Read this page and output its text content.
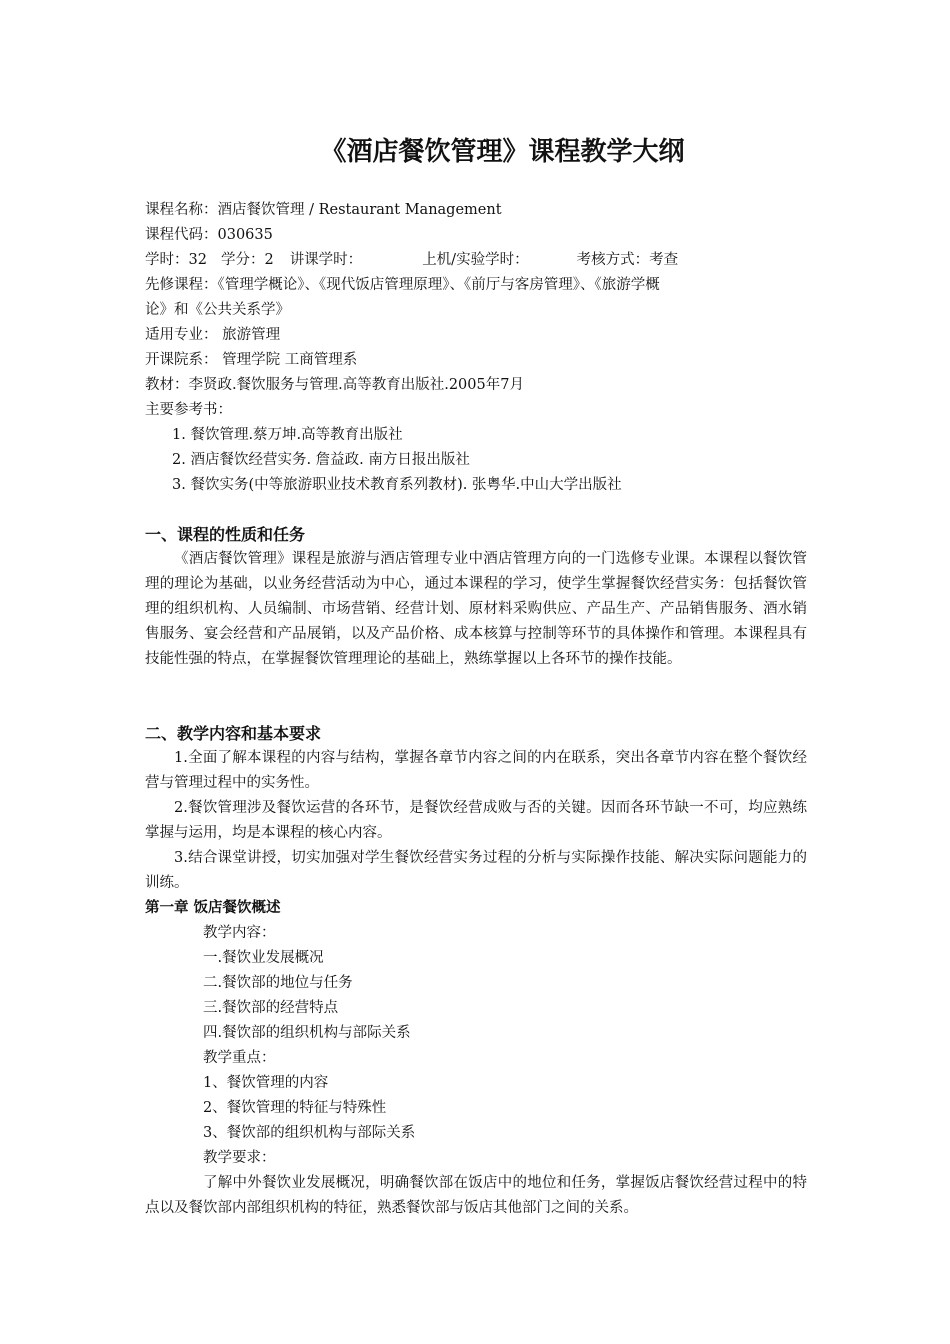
《酒店餐饮管理》课程教学大纲
课程名称：酒店餐饮管理 / Restaurant Management
课程代码：030635
学时：32 学分：2 讲课学时：	上机/实验学时：	考核方式：考查
先修课程：《管理学概论》、《现代饭店管理原理》、《前厅与客房管理》、《旅游学概
论》和《公共关系学》
适用专业： 旅游管理
开课院系： 管理学院 工商管理系
教材：李贤政.餐饮服务与管理.高等教育出版社.2005年7月
主要参考书：
1. 餐饮管理.蔡万坤.高等教育出版社
2. 酒店餐饮经营实务. 詹益政. 南方日报出版社
3. 餐饮实务(中等旅游职业技术教育系列教材). 张粤华.中山大学出版社
一、课程的性质和任务
《酒店餐饮管理》课程是旅游与酒店管理专业中酒店管理方向的一门选修专业课。本课程以餐饮管理的理论为基础，以业务经营活动为中心，通过本课程的学习，使学生掌握餐饮经营实务：包括餐饮管理的组织机构、人员编制、市场营销、经营计划、原材料采购供应、产品生产、产品销售服务、酒水销售服务、宴会经营和产品展销，以及产品价格、成本核算与控制等环节的具体操作和管理。本课程具有技能性强的特点，在掌握餐饮管理理论的基础上，熟练掌握以上各环节的操作技能。
二、教学内容和基本要求
1.全面了解本课程的内容与结构，掌握各章节内容之间的内在联系，突出各章节内容在整个餐饮经营与管理过程中的实务性。
2.餐饮管理涉及餐饮运营的各环节，是餐饮经营成败与否的关键。因而各环节缺一不可，均应熟练掌握与运用，均是本课程的核心内容。
3.结合课堂讲授，切实加强对学生餐饮经营实务过程的分析与实际操作技能、解决实际问题能力的训练。
第一章 饭店餐饮概述
教学内容：
一.餐饮业发展概况
二.餐饮部的地位与任务
三.餐饮部的经营特点
四.餐饮部的组织机构与部际关系
教学重点：
1、餐饮管理的内容
2、餐饮管理的特征与特殊性
3、餐饮部的组织机构与部际关系
教学要求：
了解中外餐饮业发展概况，明确餐饮部在饭店中的地位和任务，掌握饭店餐饮经营过程中的特点以及餐饮部内部组织机构的特征，熟悉餐饮部与饭店其他部门之间的关系。
